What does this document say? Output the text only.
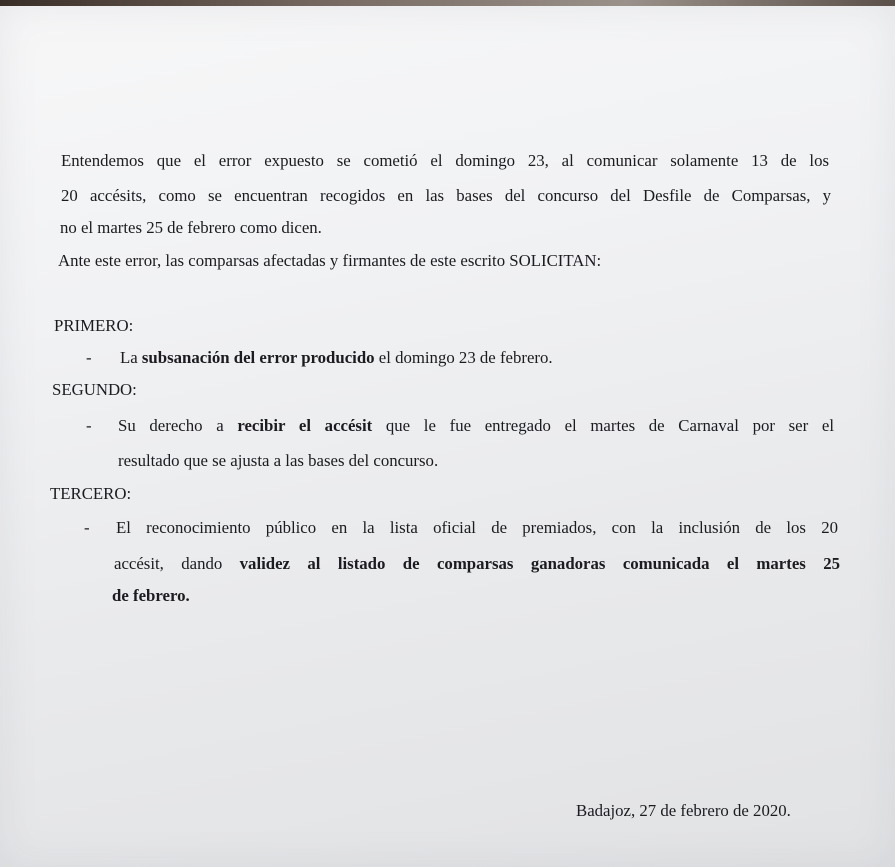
Entendemos que el error expuesto se cometió el domingo 23, al comunicar solamente 13 de los
20 accésits, como se encuentran recogidos en las bases del concurso del Desfile de Comparsas, y
no el martes 25 de febrero como dicen.
Ante este error, las comparsas afectadas y firmantes de este escrito SOLICITAN:
PRIMERO:
- La subsanación del error producido el domingo 23 de febrero.
SEGUNDO:
- Su derecho a recibir el accésit que le fue entregado el martes de Carnaval por ser el
resultado que se ajusta a las bases del concurso.
TERCERO:
- El reconocimiento público en la lista oficial de premiados, con la inclusión de los 20
accésit, dando validez al listado de comparsas ganadoras comunicada el martes 25
de febrero.
Badajoz, 27 de febrero de 2020.
